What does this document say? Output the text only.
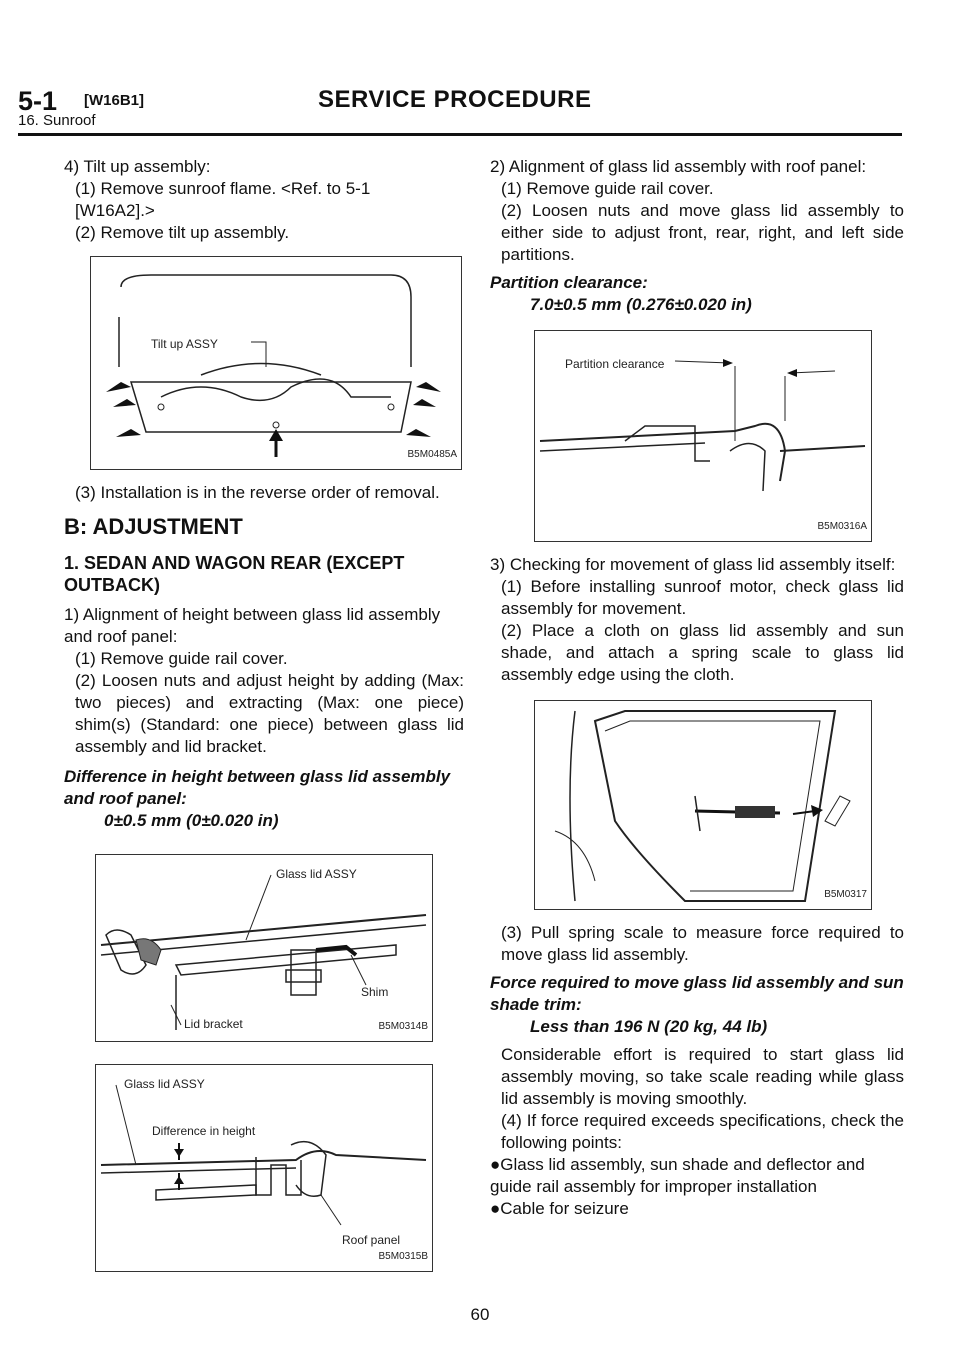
5-1 [W16B1]	SERVICE PROCEDURE
16. Sunroof

4) Tilt up assembly:

(1) Remove sunroof flame. <Ref. to 5-1

[W16A2].>

(2) Remove tilt up assembly.

Tilt up ASSY
B5M0485A

(3) Installation is in the reverse order of removal.

B: ADJUSTMENT

1. SEDAN AND WAGON REAR (EXCEPT OUTBACK)

1) Alignment of height between glass lid assembly and roof panel:

(1) Remove guide rail cover.

(2) Loosen nuts and adjust height by adding (Max: two pieces) and extracting (Max: one piece) shim(s) (Standard: one piece) between glass lid assembly and lid bracket.

Difference in height between glass lid assembly and roof panel:

0±0.5 mm (0±0.020 in)

Glass lid ASSY
Shim
Lid bracket	B5M0314B
Glass lid ASSY
Difference in height
Roof panel
B5M0315B

2) Alignment of glass lid assembly with roof panel:

(1) Remove guide rail cover.

(2) Loosen nuts and move glass lid assembly to either side to adjust front, rear, right, and left side partitions.

Partition clearance:

7.0±0.5 mm (0.276±0.020 in)

Partition clearance
B5M0316A

3) Checking for movement of glass lid assembly itself:

(1) Before installing sunroof motor, check glass lid assembly for movement.

(2) Place a cloth on glass lid assembly and sun shade, and attach a spring scale to glass lid assembly edge using the cloth.

B5M0317

(3) Pull spring scale to measure force required to move glass lid assembly.

Force required to move glass lid assembly and sun shade trim:

Less than 196 N (20 kg, 44 lb)

Considerable effort is required to start glass lid assembly moving, so take scale reading while glass lid assembly is moving smoothly.

(4) If force required exceeds specifications, check the following points:

●Glass lid assembly, sun shade and deflector and guide rail assembly for improper installation

●Cable for seizure

60
